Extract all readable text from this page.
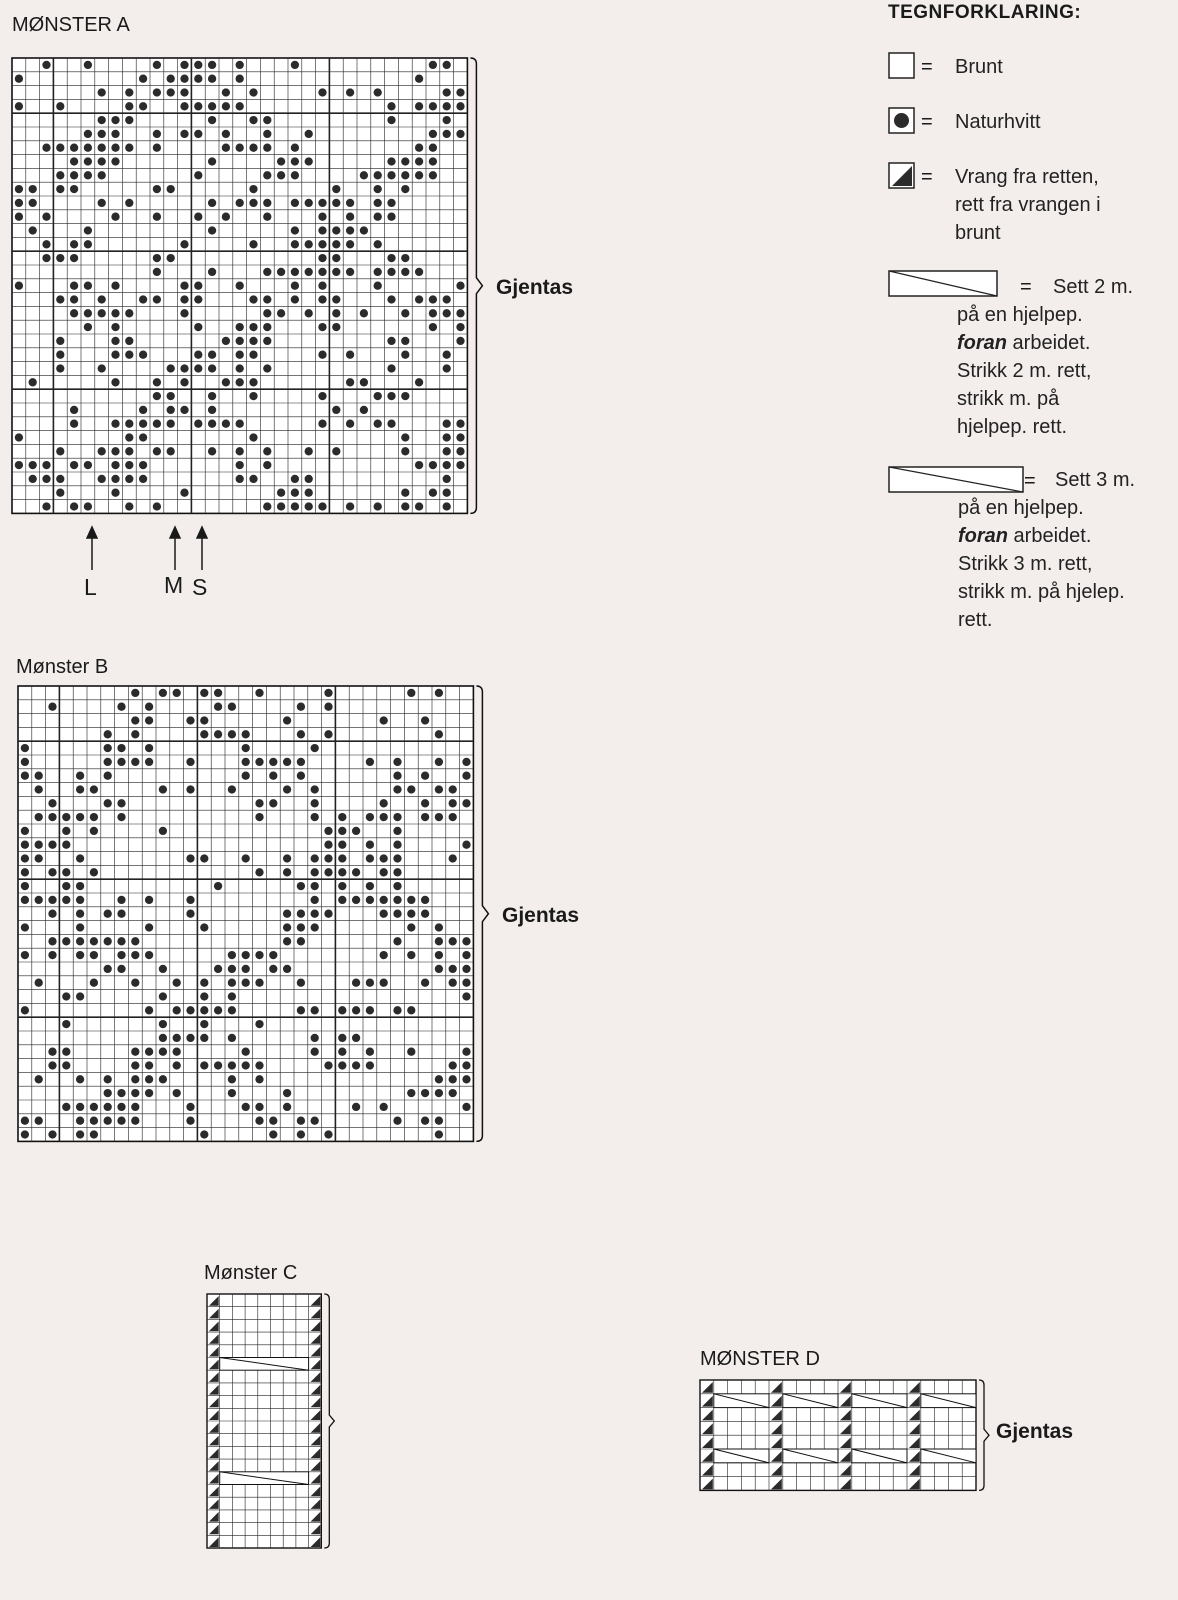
MØNSTER A
Gjentas
L	M S
Mønster B
Gjentas
Mønster C
MØNSTER D
Gjentas
TEGNFORKLARING:
= Brunt
= Naturhvitt
= Vrang fra retten,
rett fra vrangen i
brunt
= Sett 2 m.
på en hjelpep.
foran arbeidet.
Strikk 2 m. rett,
strikk m. på
hjelpep. rett.
= Sett 3 m.
på en hjelpep.
foran arbeidet.
Strikk 3 m. rett,
strikk m. på hjelep.
rett.
